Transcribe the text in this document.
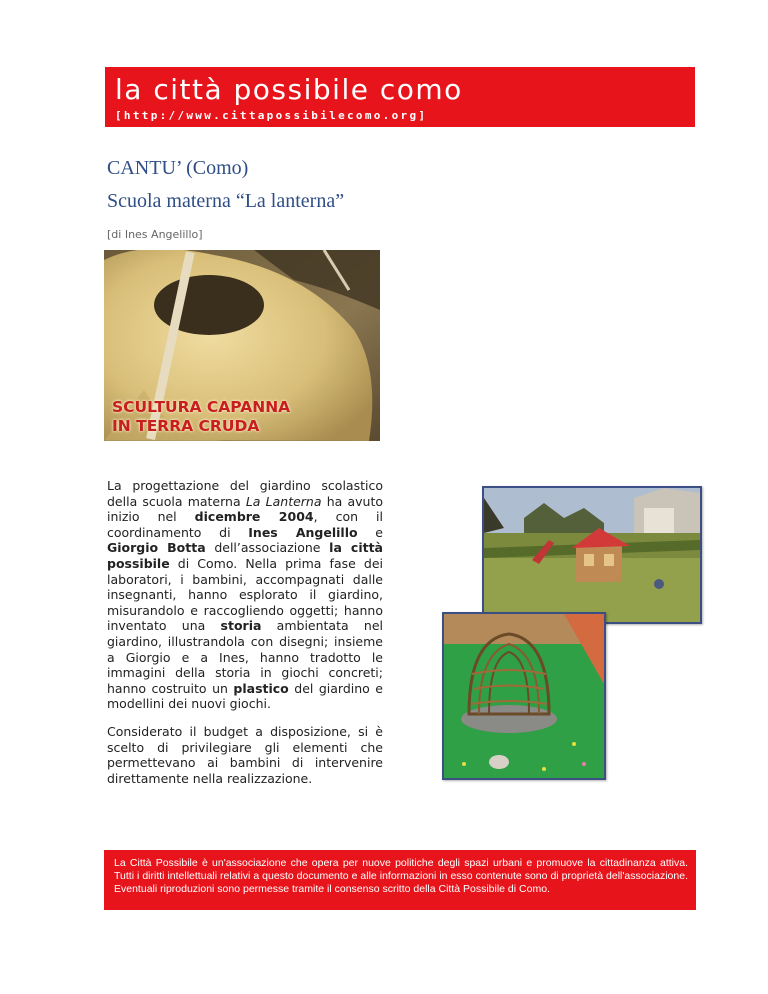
la città possibile como
[http://www.cittapossibilecomo.org]
CANTU’ (Como)
Scuola materna “La lanterna”
[di Ines Angelillo]
SCULTURA CAPANNA
IN TERRA CRUDA

La progettazione del giardino scolastico della scuola materna La Lanterna ha avuto inizio nel dicembre 2004, con il coordinamento di Ines Angelillo e Giorgio Botta dell’associazione la città possibile di Como. Nella prima fase dei laboratori, i bambini, accompagnati dalle insegnanti, hanno esplorato il giardino, misurandolo e raccogliendo oggetti; hanno inventato una storia ambientata nel giardino, illustrandola con disegni; insieme a Giorgio e a Ines, hanno tradotto le immagini della storia in giochi concreti; hanno costruito un plastico del giardino e modellini dei nuovi giochi.

Considerato il budget a disposizione, si è scelto di privilegiare gli elementi che permettevano ai bambini di intervenire direttamente nella realizzazione.

La Città Possibile è un'associazione che opera per nuove politiche degli spazi urbani e promuove la cittadinanza attiva. Tutti i diritti intellettuali relativi a questo documento e alle informazioni in esso contenute sono di proprietà dell'associazione. Eventuali riproduzioni sono permesse tramite il consenso scritto della Città Possibile di Como.
